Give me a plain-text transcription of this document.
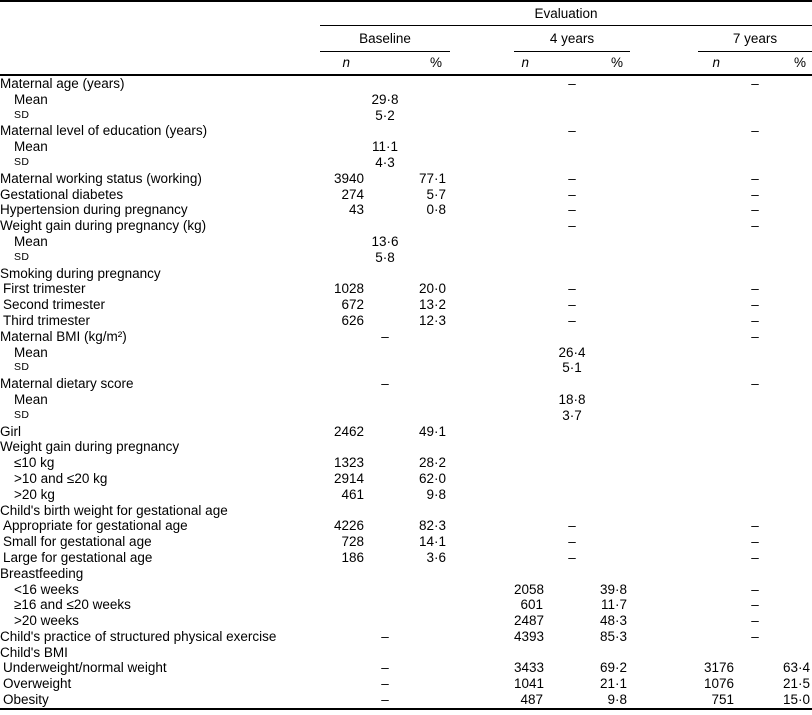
	Evaluation							
	Baseline			4 years			7 years	
	n	%		n	%		n	%
Maternal age (years)				–			–	
Mean	29·8							
SD	5·2							
Maternal level of education (years)				–			–	
Mean	11·1							
SD	4·3							
Maternal working status (working)	3940	77·1		–			–	
Gestational diabetes	274	5·7		–			–	
Hypertension during pregnancy	43	0·8		–			–	
Weight gain during pregnancy (kg)				–			–	
Mean	13·6							
SD	5·8							
Smoking during pregnancy								
First trimester	1028	20·0		–			–	
Second trimester	672	13·2		–			–	
Third trimester	626	12·3		–			–	
Maternal BMI (kg/m²)	–						–	
Mean				26·4				
SD				5·1				
Maternal dietary score	–						–	
Mean				18·8				
SD				3·7				
Girl	2462	49·1						
Weight gain during pregnancy								
≤10 kg	1323	28·2						
>10 and ≤20 kg	2914	62·0						
>20 kg	461	9·8						
Child's birth weight for gestational age								
Appropriate for gestational age	4226	82·3		–			–	
Small for gestational age	728	14·1		–			–	
Large for gestational age	186	3·6		–			–	
Breastfeeding								
<16 weeks				2058	39·8		–	
≥16 and ≤20 weeks				601	11·7		–	
>20 weeks				2487	48·3		–	
Child's practice of structured physical exercise	–			4393	85·3		–	
Child's BMI								
Underweight/normal weight	–			3433	69·2		3176	63·4
Overweight	–			1041	21·1		1076	21·5
Obesity	–			487	9·8		751	15·0
